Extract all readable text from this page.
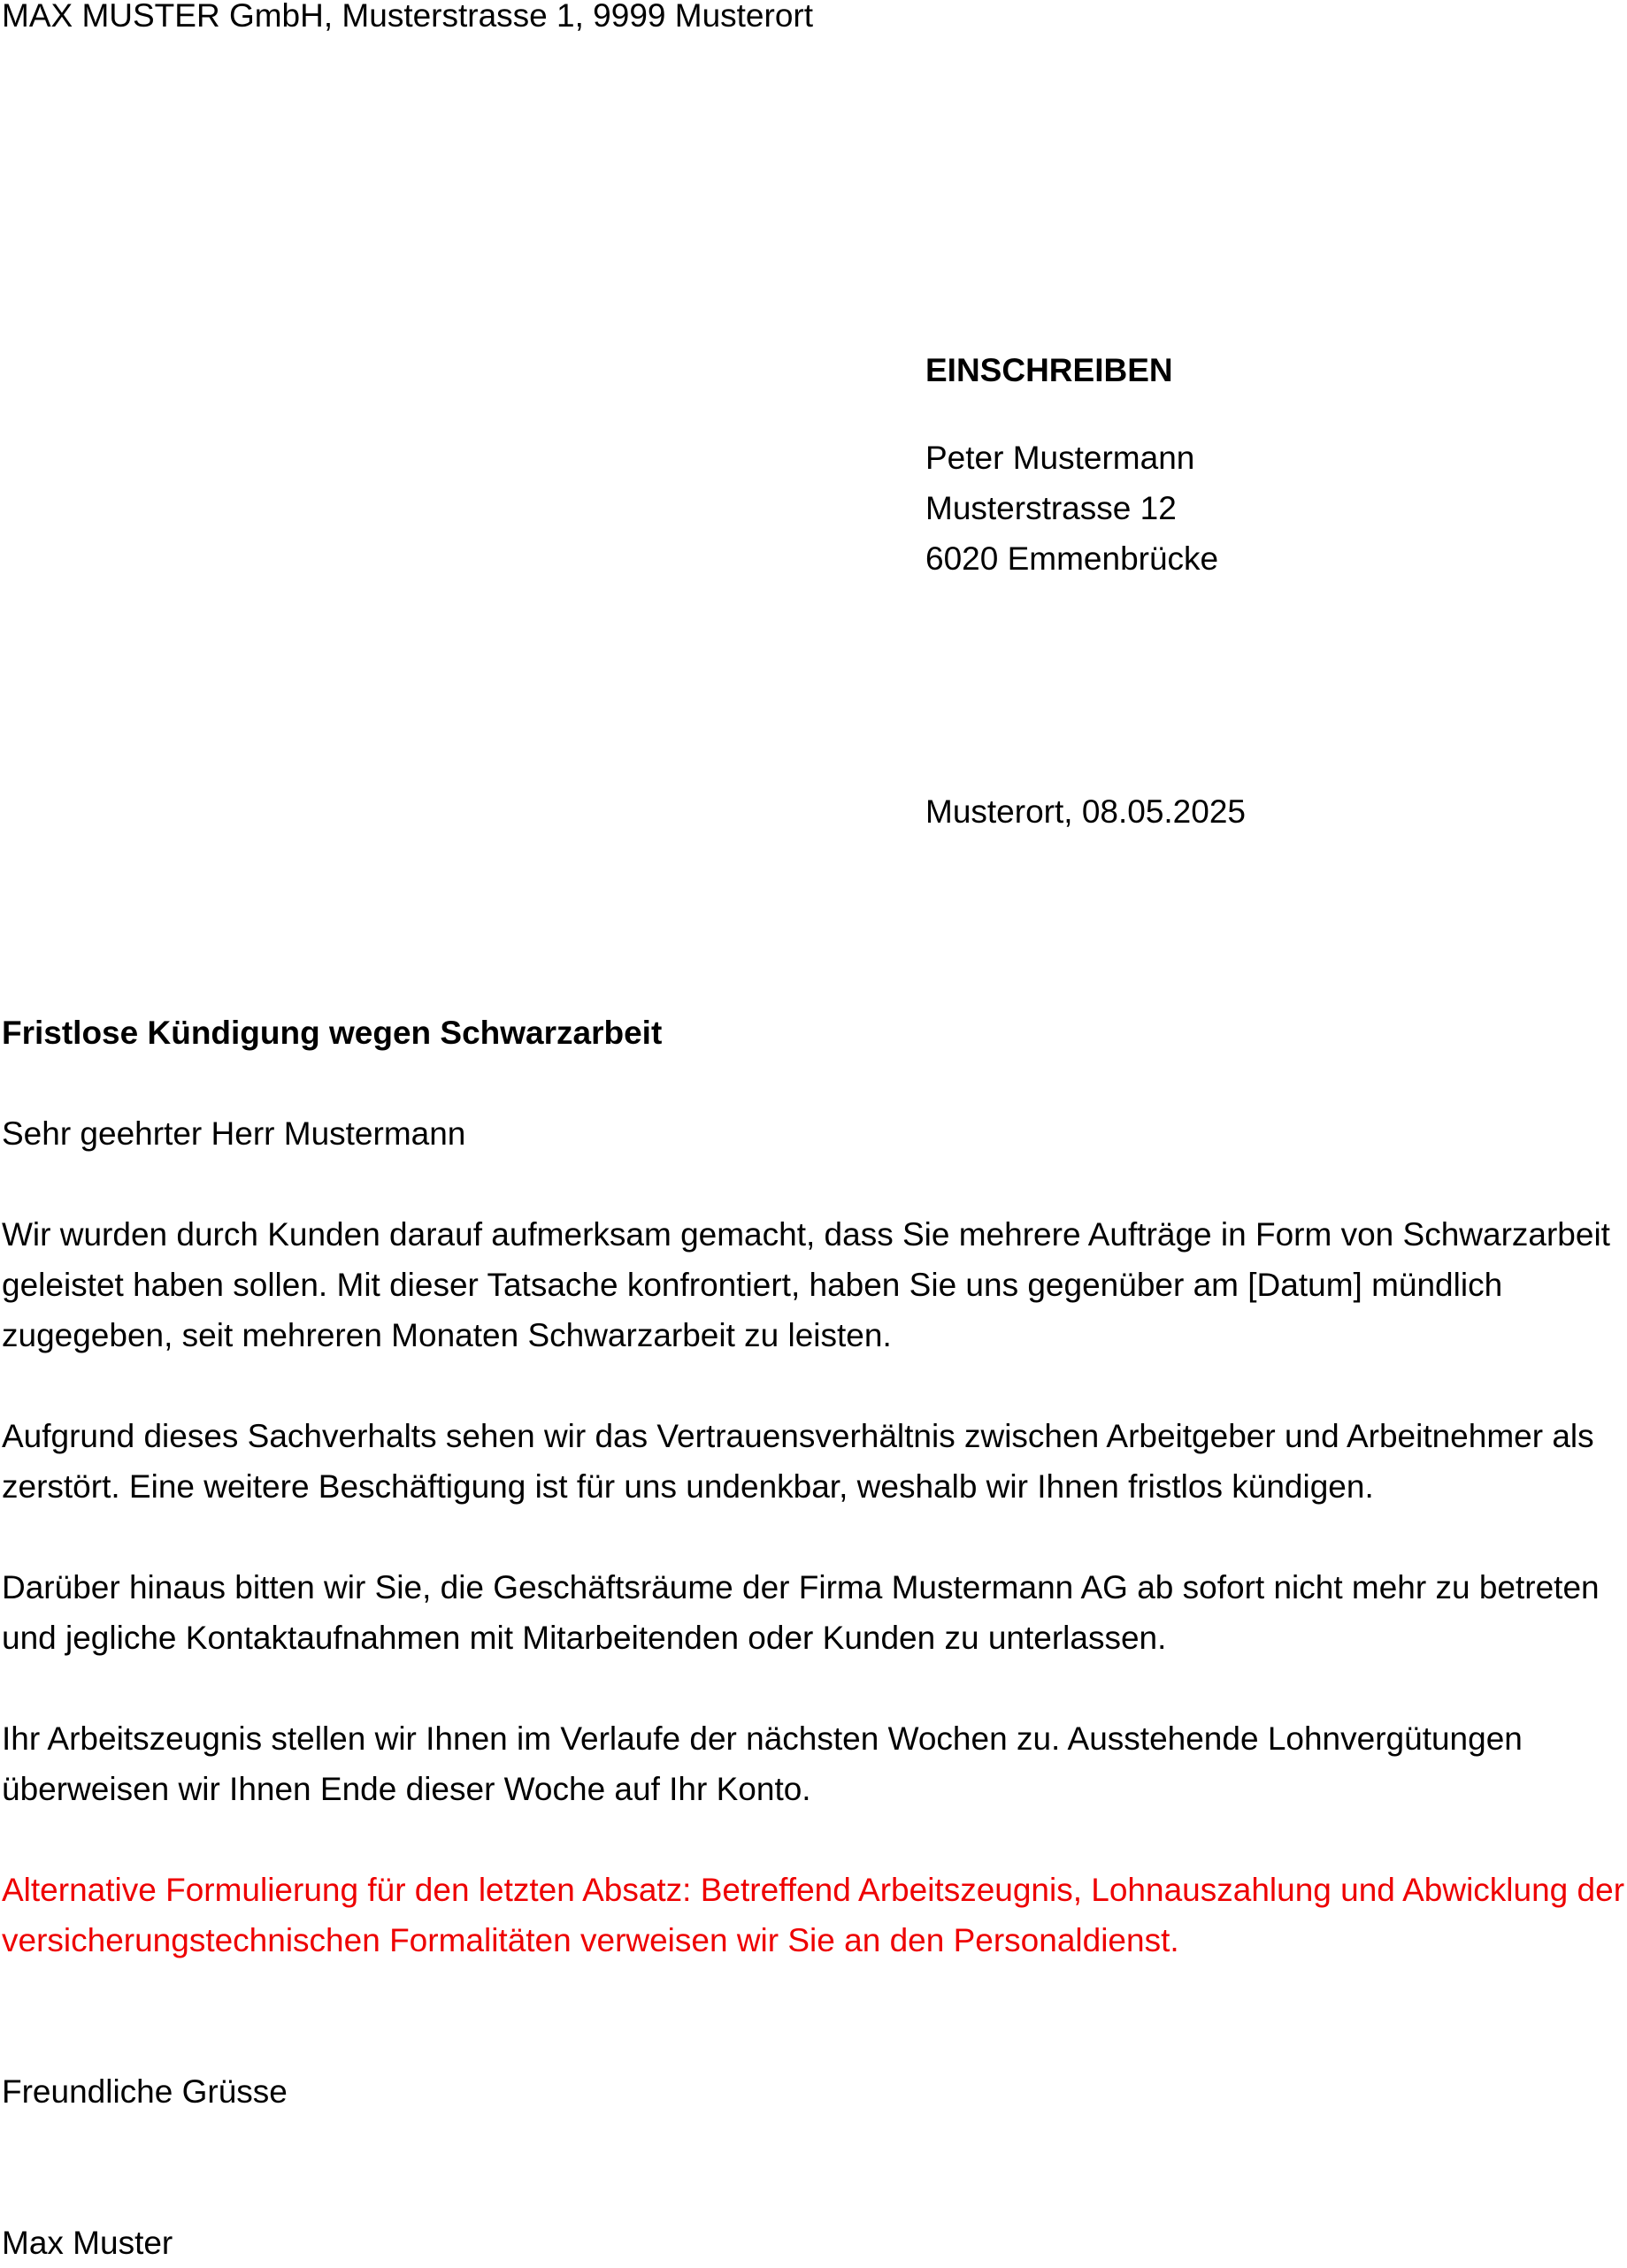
MAX MUSTER GmbH, Musterstrasse 1, 9999 Musterort
EINSCHREIBEN
Peter Mustermann
Musterstrasse 12
6020 Emmenbrücke
Musterort, 08.05.2025

Fristlose Kündigung wegen Schwarzarbeit

Sehr geehrter Herr Mustermann

Wir wurden durch Kunden darauf aufmerksam gemacht, dass Sie mehrere Aufträge in Form von Schwarzarbeit geleistet haben sollen. Mit dieser Tatsache konfrontiert, haben Sie uns gegenüber am [Datum] mündlich zugegeben, seit mehreren Monaten Schwarzarbeit zu leisten.

Aufgrund dieses Sachverhalts sehen wir das Vertrauensverhältnis zwischen Arbeitgeber und Arbeitnehmer als zerstört. Eine weitere Beschäftigung ist für uns undenkbar, weshalb wir Ihnen fristlos kündigen.

Darüber hinaus bitten wir Sie, die Geschäftsräume der Firma Mustermann AG ab sofort nicht mehr zu betreten und jegliche Kontaktaufnahmen mit Mitarbeitenden oder Kunden zu unterlassen.

Ihr Arbeitszeugnis stellen wir Ihnen im Verlaufe der nächsten Wochen zu. Ausstehende Lohnvergütungen überweisen wir Ihnen Ende dieser Woche auf Ihr Konto.

Alternative Formulierung für den letzten Absatz: Betreffend Arbeitszeugnis, Lohnauszahlung und Abwicklung der versicherungstechnischen Formalitäten verweisen wir Sie an den Personaldienst.

Freundliche Grüsse

Max Muster
